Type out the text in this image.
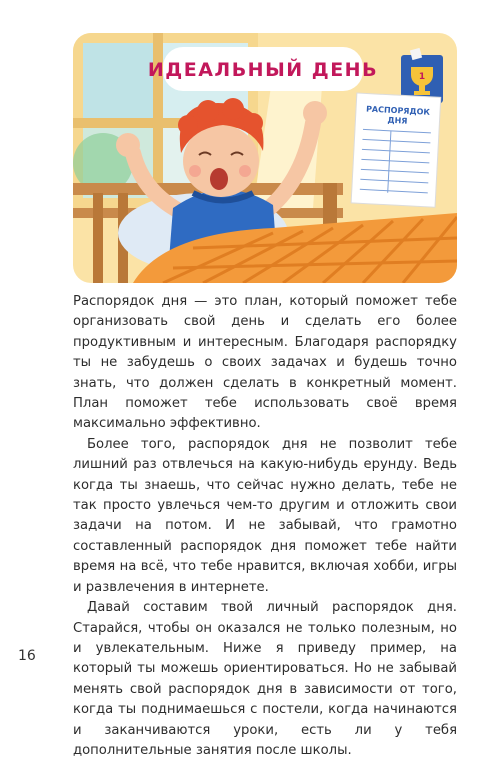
ИДЕАЛЬНЫЙ ДЕНЬ	1
РАСПОРЯДОК
ДНЯ

Распорядок дня — это план, который поможет тебе организовать свой день и сделать его более продуктивным и интересным. Благодаря распорядку ты не забудешь о своих задачах и будешь точно знать, что должен сделать в конкретный момент. План поможет тебе использовать своё время максимально эффективно.

Более того, распорядок дня не позволит тебе лишний раз отвлечься на какую-нибудь ерунду. Ведь когда ты знаешь, что сейчас нужно делать, тебе не так просто увлечься чем-то другим и отложить свои задачи на потом. И не забывай, что грамотно составленный распорядок дня поможет тебе найти время на всё, что тебе нравится, включая хобби, игры и развлечения в интернете.

Давай составим твой личный распорядок дня. Старайся, чтобы он оказался не только полезным, но и увлекательным. Ниже я приведу пример, на который ты можешь ориентироваться. Но не забывай менять свой распорядок дня в зависимости от того, когда ты поднимаешься с постели, когда начинаются и заканчиваются уроки, есть ли у тебя дополнительные занятия после школы.

16
